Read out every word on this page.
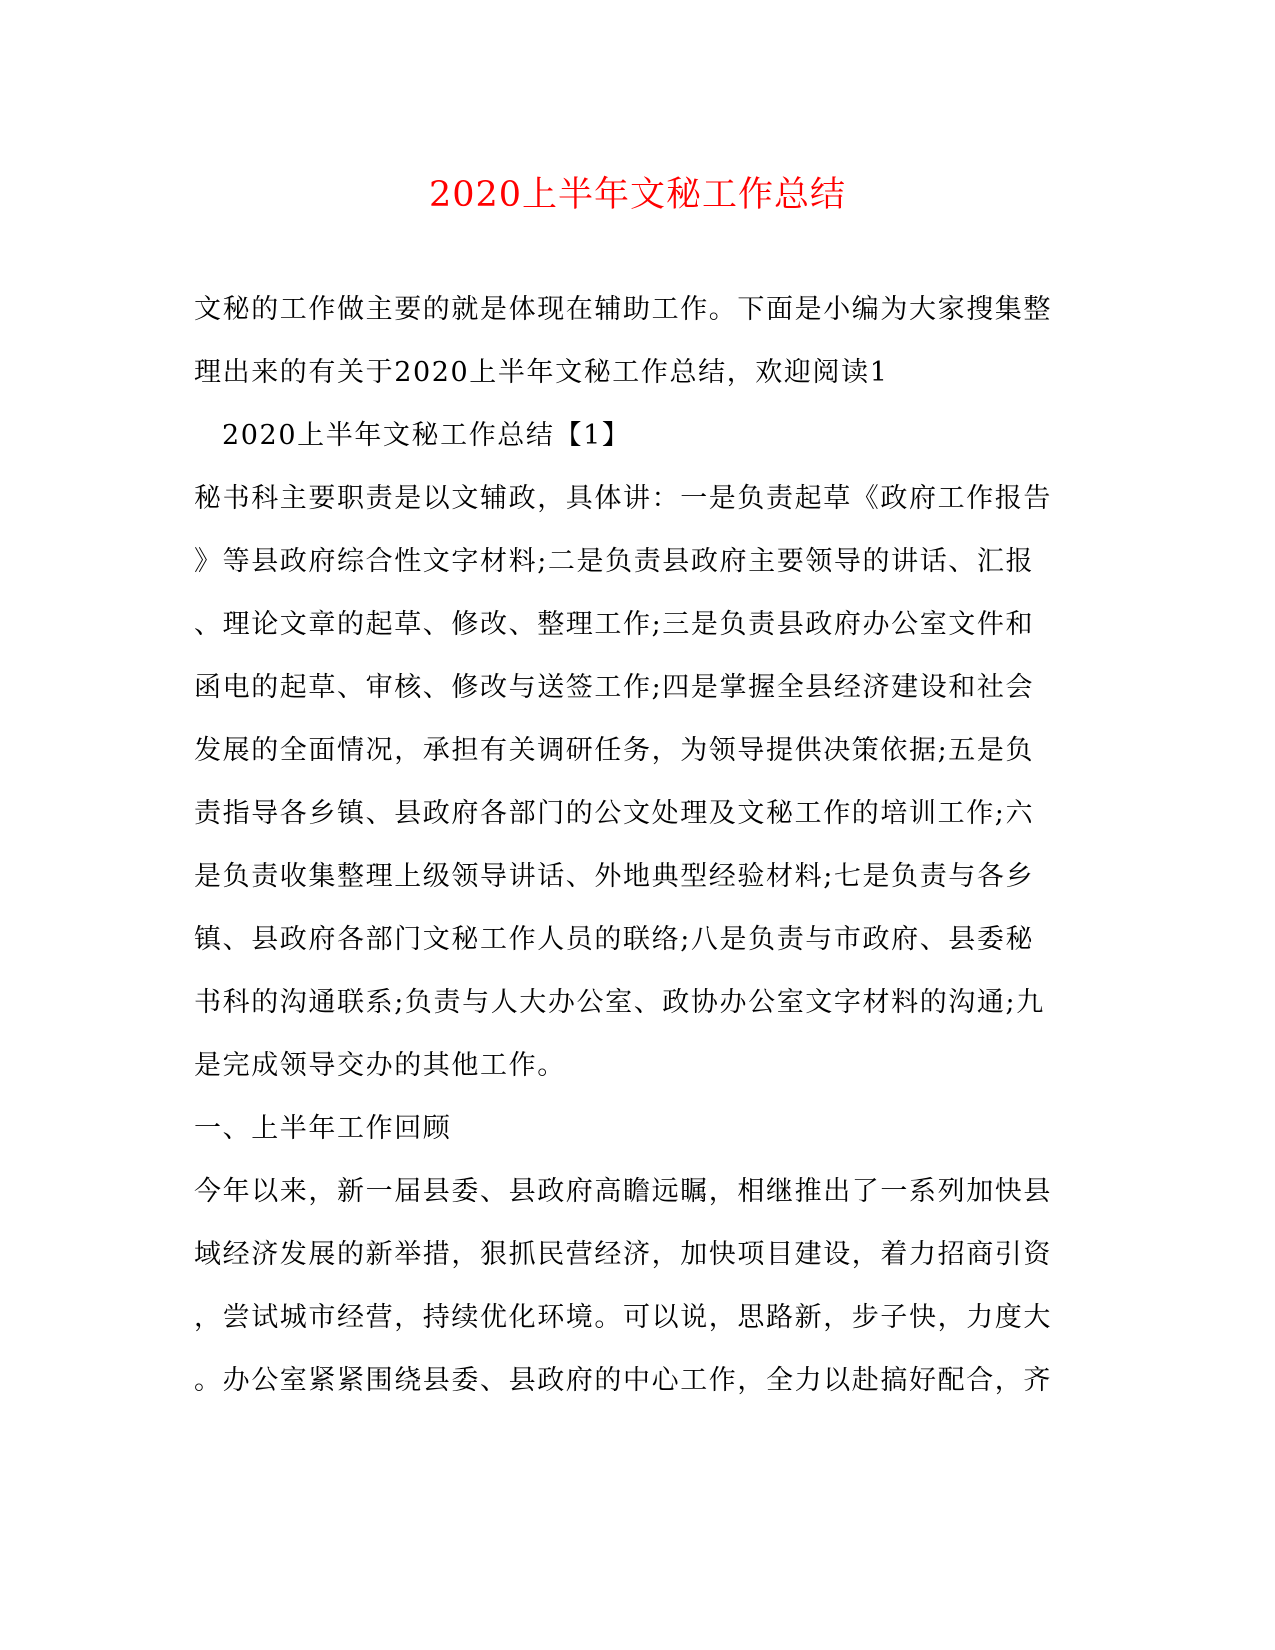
2020上半年文秘工作总结
文秘的工作做主要的就是体现在辅助工作。下面是小编为大家搜集整
理出来的有关于2020上半年文秘工作总结，欢迎阅读1
2020上半年文秘工作总结【1】
秘书科主要职责是以文辅政，具体讲：一是负责起草《政府工作报告
》等县政府综合性文字材料;二是负责县政府主要领导的讲话、汇报
、理论文章的起草、修改、整理工作;三是负责县政府办公室文件和
函电的起草、审核、修改与送签工作;四是掌握全县经济建设和社会
发展的全面情况，承担有关调研任务，为领导提供决策依据;五是负
责指导各乡镇、县政府各部门的公文处理及文秘工作的培训工作;六
是负责收集整理上级领导讲话、外地典型经验材料;七是负责与各乡
镇、县政府各部门文秘工作人员的联络;八是负责与市政府、县委秘
书科的沟通联系;负责与人大办公室、政协办公室文字材料的沟通;九
是完成领导交办的其他工作。
一、上半年工作回顾
今年以来，新一届县委、县政府高瞻远瞩，相继推出了一系列加快县
域经济发展的新举措，狠抓民营经济，加快项目建设，着力招商引资
，尝试城市经营，持续优化环境。可以说，思路新，步子快，力度大
。办公室紧紧围绕县委、县政府的中心工作，全力以赴搞好配合，齐
